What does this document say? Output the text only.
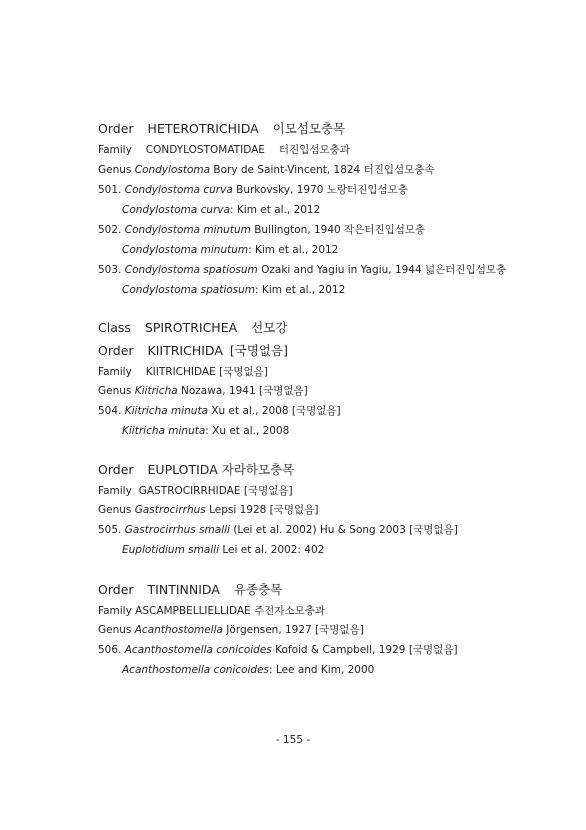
Order HETEROTRICHIDA 이모섬모충목
Family CONDYLOSTOMATIDAE 터진입섬모충과
Genus Condylostoma Bory de Saint-Vincent, 1824 터진입섬모충속
501. Condylostoma curva Burkovsky, 1970 노랑터진입섬모충
Condylostoma curva: Kim et al., 2012
502. Condylostoma minutum Bullington, 1940 작은터진입섬모충
Condylostoma minutum: Kim et al., 2012
503. Condylostoma spatiosum Ozaki and Yagiu in Yagiu, 1944 넓은터진입섬모충
Condylostoma spatiosum: Kim et al., 2012
Class SPIROTRICHEA 선모강
Order KIITRICHIDA [국명없음]
Family KIITRICHIDAE [국명없음]
Genus Kiitricha Nozawa, 1941 [국명없음]
504. Kiitricha minuta Xu et al., 2008 [국명없음]
Kiitricha minuta: Xu et al., 2008
Order EUPLOTIDA 자라하모충목
Family GASTROCIRRHIDAE [국명없음]
Genus Gastrocirrhus Lepsi 1928 [국명없음]
505. Gastrocirrhus smalli (Lei et al. 2002) Hu & Song 2003 [국명없음]
Euplotidium smalli Lei et al. 2002: 402
Order TINTINNIDA 유종충목
Family ASCAMPBELLIELLIDAE 주전자소모충과
Genus Acanthostomella Jörgensen, 1927 [국명없음]
506. Acanthostomella conicoides Kofoid & Campbell, 1929 [국명없음]
Acanthostomella conicoides: Lee and Kim, 2000
- 155 -
